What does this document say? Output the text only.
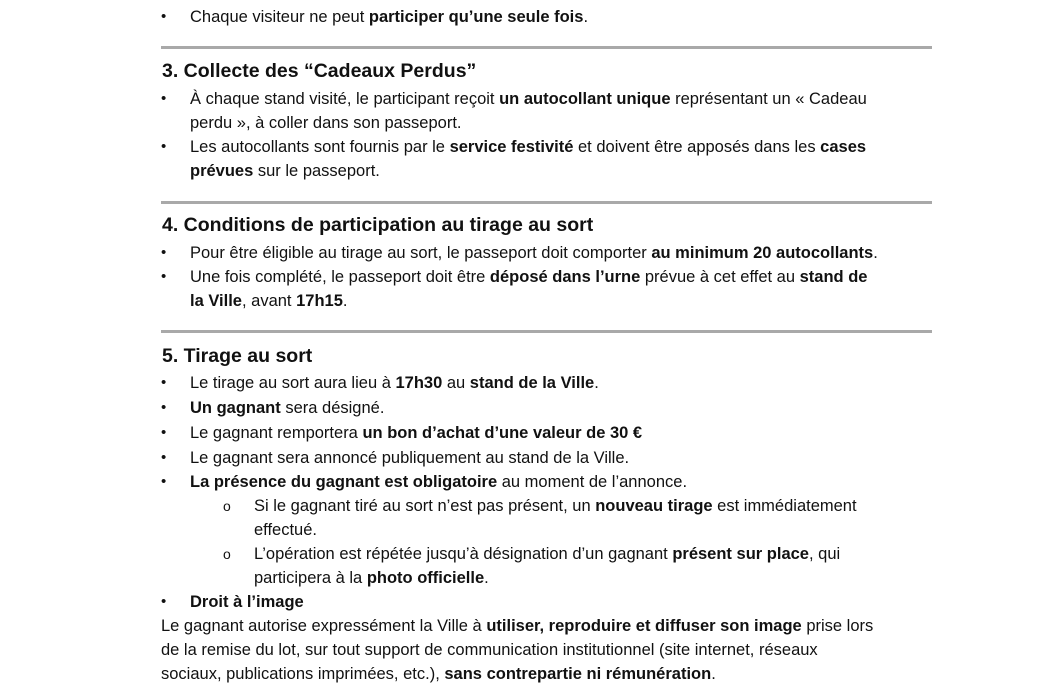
• Chaque visiteur ne peut participer qu’une seule fois.
3. Collecte des “Cadeaux Perdus”
• À chaque stand visité, le participant reçoit un autocollant unique représentant un « Cadeau
perdu », à coller dans son passeport.
• Les autocollants sont fournis par le service festivité et doivent être apposés dans les cases
prévues sur le passeport.
4. Conditions de participation au tirage au sort
• Pour être éligible au tirage au sort, le passeport doit comporter au minimum 20 autocollants.
• Une fois complété, le passeport doit être déposé dans l’urne prévue à cet effet au stand de
la Ville, avant 17h15.
5. Tirage au sort
• Le tirage au sort aura lieu à 17h30 au stand de la Ville.
• Un gagnant sera désigné.
• Le gagnant remportera un bon d’achat d’une valeur de 30 €
• Le gagnant sera annoncé publiquement au stand de la Ville.
• La présence du gagnant est obligatoire au moment de l’annonce.
o Si le gagnant tiré au sort n’est pas présent, un nouveau tirage est immédiatement
effectué.
o L’opération est répétée jusqu’à désignation d’un gagnant présent sur place, qui
participera à la photo officielle.
• Droit à l’image
Le gagnant autorise expressément la Ville à utiliser, reproduire et diffuser son image prise lors
de la remise du lot, sur tout support de communication institutionnel (site internet, réseaux
sociaux, publications imprimées, etc.), sans contrepartie ni rémunération.
